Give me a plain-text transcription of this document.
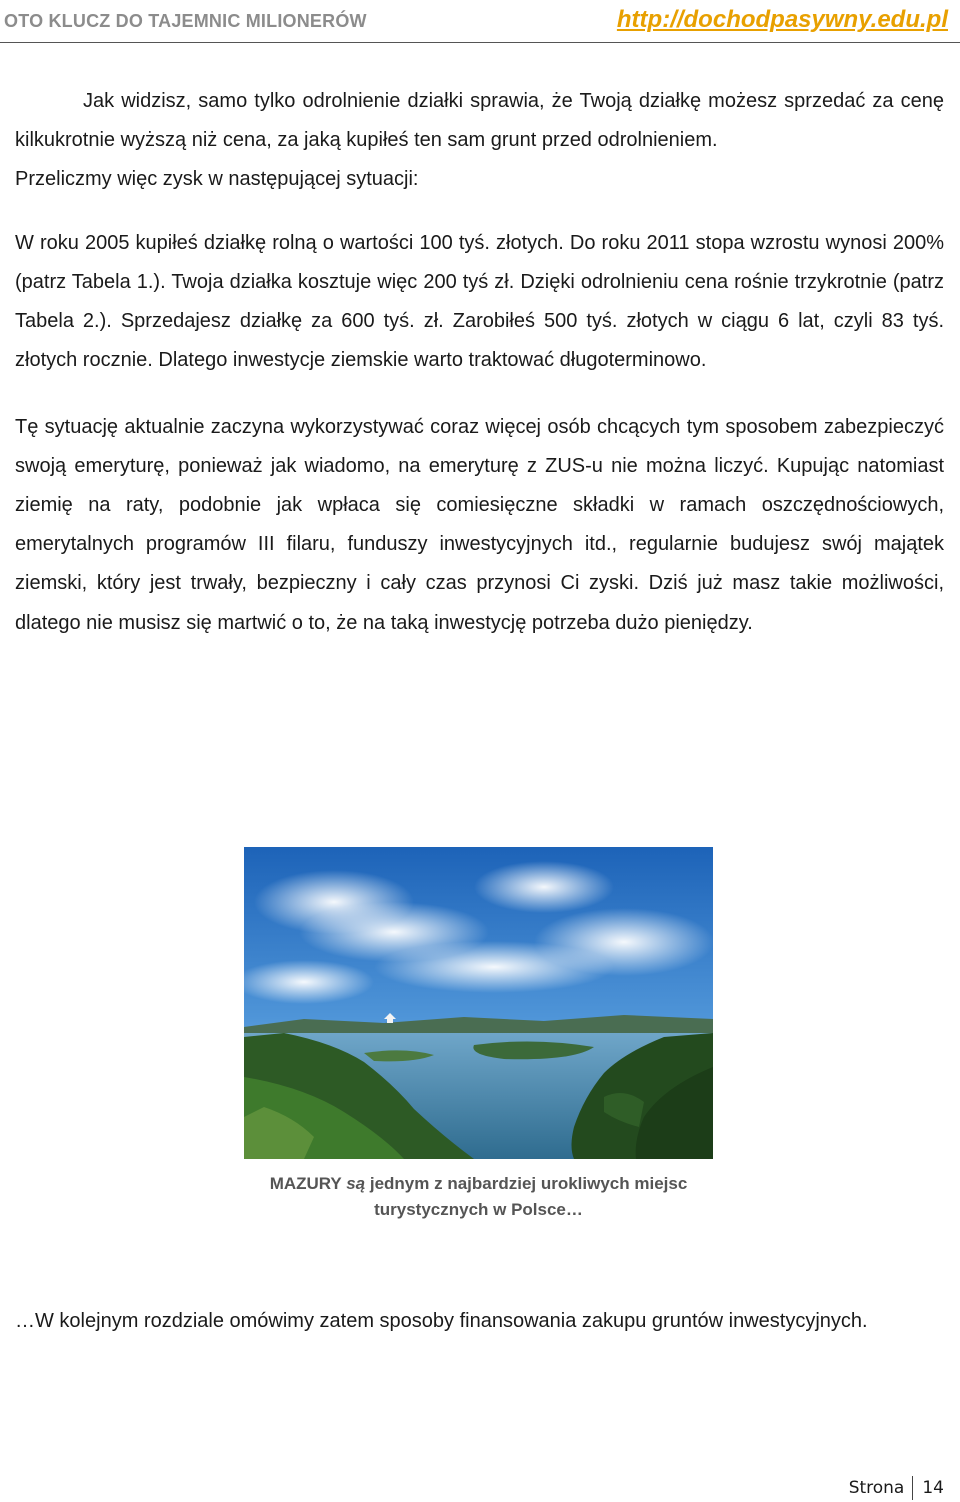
OTO KLUCZ DO TAJEMNIC MILIONERÓW	http://dochodpasywny.edu.pl

Jak widzisz, samo tylko odrolnienie działki sprawia, że Twoją działkę możesz sprzedać za cenę kilkukrotnie wyższą niż cena, za jaką kupiłeś ten sam grunt przed odrolnieniem.

Przeliczmy więc zysk w następującej sytuacji:

W roku 2005 kupiłeś działkę rolną o wartości 100 tyś. złotych. Do roku 2011 stopa wzrostu wynosi 200% (patrz Tabela 1.). Twoja działka kosztuje więc 200 tyś zł. Dzięki odrolnieniu cena rośnie trzykrotnie (patrz Tabela 2.). Sprzedajesz działkę za 600 tyś. zł. Zarobiłeś 500 tyś. złotych w ciągu 6 lat, czyli 83 tyś. złotych rocznie. Dlatego inwestycje ziemskie warto traktować długoterminowo.

Tę sytuację aktualnie zaczyna wykorzystywać coraz więcej osób chcących tym sposobem zabezpieczyć swoją emeryturę, ponieważ jak wiadomo, na emeryturę z ZUS-u nie można liczyć. Kupując natomiast ziemię na raty, podobnie jak wpłaca się comiesięczne składki w ramach oszczędnościowych, emerytalnych programów III filaru, funduszy inwestycyjnych itd., regularnie budujesz swój majątek ziemski, który jest trwały, bezpieczny i cały czas przynosi Ci zyski. Dziś już masz takie możliwości, dlatego nie musisz się martwić o to, że na taką inwestycję potrzeba dużo pieniędzy.

MAZURY są jednym z najbardziej urokliwych miejsc turystycznych w Polsce…

…W kolejnym rozdziale omówimy zatem sposoby finansowania zakupu gruntów inwestycyjnych.

Strona 14
